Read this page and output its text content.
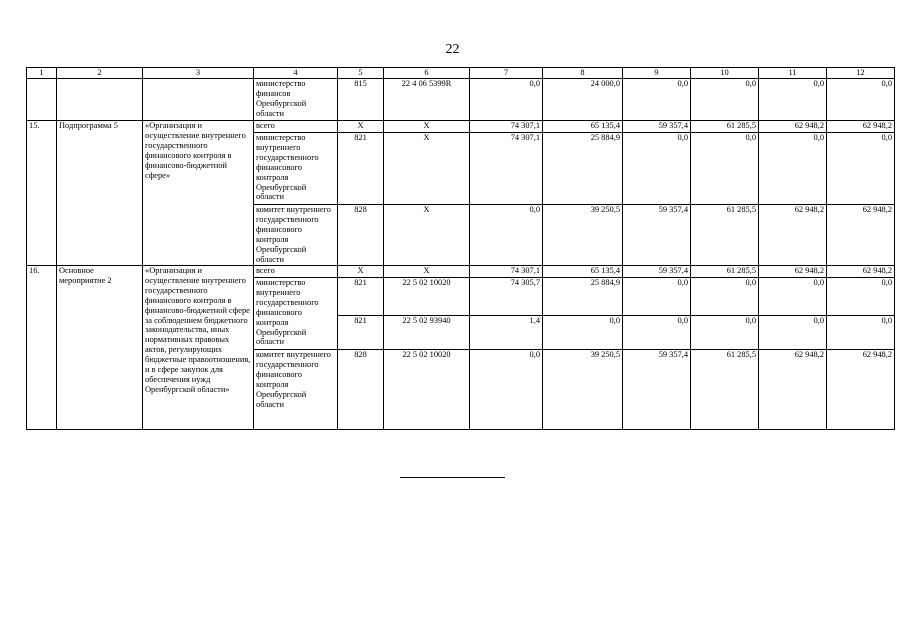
22
1	2	3	4	5	6	7	8	9	10	11	12
			министерство финансов Оренбургской области	815	22 4 06 5399R	0,0	24 000,0	0,0	0,0	0,0	0,0
15.	Подпрограмма 5	«Организация и осуществление внутреннего государственного финансового контроля в финансово-бюджетной сфере»	всего	Х	Х	74 307,1	65 135,4	59 357,4	61 285,5	62 948,2	62 948,2
			министерство внутреннего государственного финансового контроля Оренбургской области	821	Х	74 307,1	25 884,9	0,0	0,0	0,0	0,0
			комитет внутреннего государственного финансового контроля Оренбургской области	828	Х	0,0	39 250,5	59 357,4	61 285,5	62 948,2	62 948,2
16.	Основное мероприятие 2	«Организация и осуществление внутреннего государственного финансового контроля в финансово-бюджетной сфере за соблюдением бюджетного законодательства, иных нормативных правовых актов, регулирующих бюджетные правоотношения, и в сфере закупок для обеспечения нужд Оренбургской области»	всего	Х	Х	74 307,1	65 135,4	59 357,4	61 285,5	62 948,2	62 948,2
			министерство внутреннего государственного финансового контроля Оренбургской области	821	22 5 02 10020	74 305,7	25 884,9	0,0	0,0	0,0	0,0
				821	22 5 02 93940	1,4	0,0	0,0	0,0	0,0	0,0
			комитет внутреннего государственного финансового контроля Оренбургской области	828	22 5 02 10020	0,0	39 250,5	59 357,4	61 285,5	62 948,2	62 948,2
